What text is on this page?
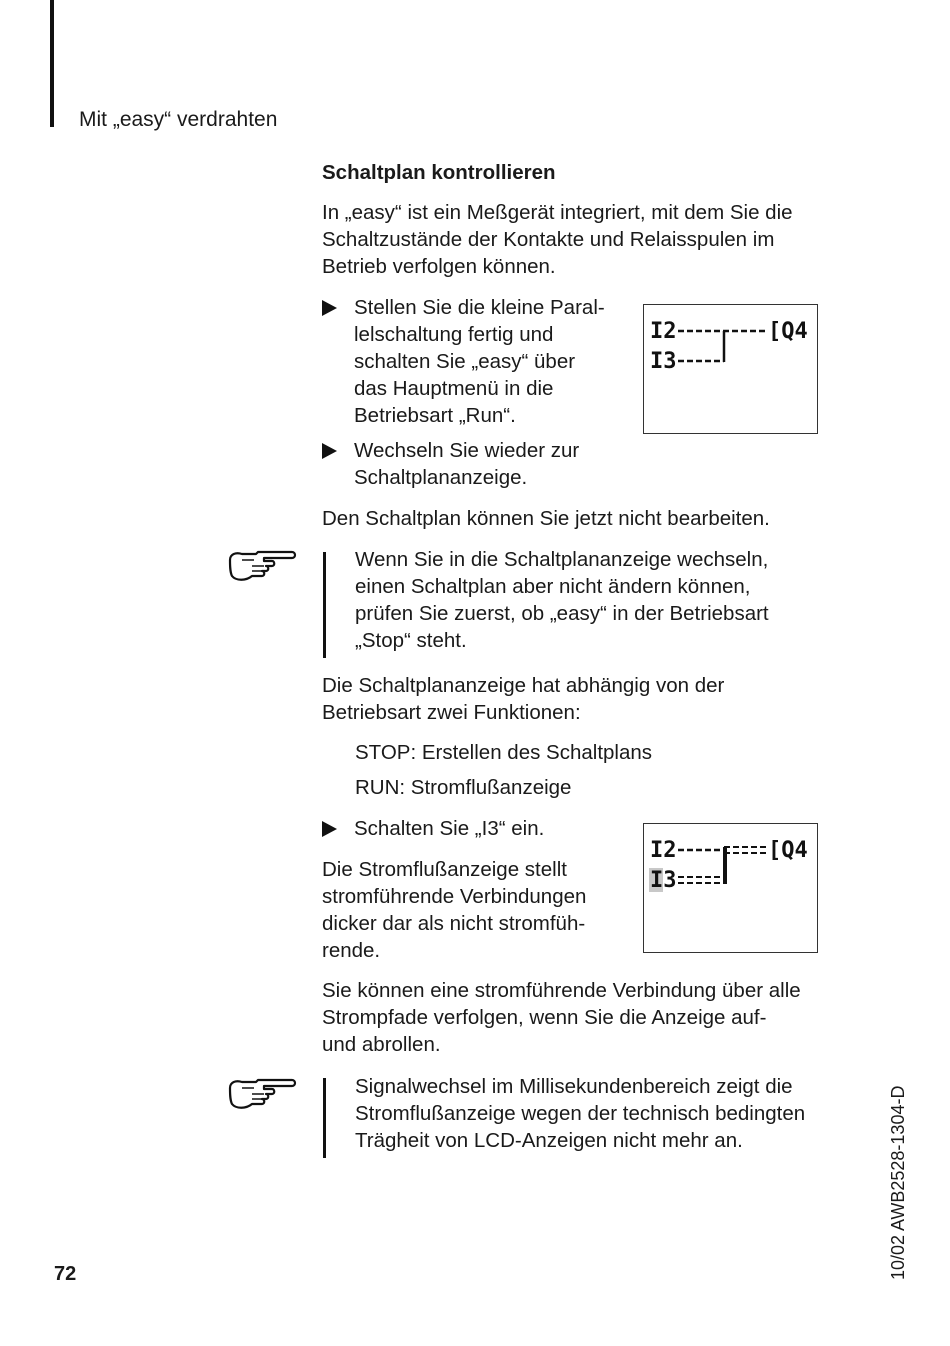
Mit „easy“ verdrahten
Schaltplan kontrollieren
In „easy“ ist ein Meßgerät integriert, mit dem Sie die
Schaltzustände der Kontakte und Relaisspulen im
Betrieb verfolgen können.
Stellen Sie die kleine Paral-
lelschaltung fertig und
schalten Sie „easy“ über
das Hauptmenü in die
Betriebsart „Run“.
Wechseln Sie wieder zur
Schaltplananzeige.
I2
I3
[Q4
Den Schaltplan können Sie jetzt nicht bearbeiten.
Wenn Sie in die Schaltplananzeige wechseln,
einen Schaltplan aber nicht ändern können,
prüfen Sie zuerst, ob „easy“ in der Betriebsart
„Stop“ steht.
Die Schaltplananzeige hat abhängig von der
Betriebsart zwei Funktionen:
STOP: Erstellen des Schaltplans
RUN: Stromflußanzeige
Schalten Sie „I3“ ein.
Die Stromflußanzeige stellt
stromführende Verbindungen
dicker dar als nicht stromfüh-
rende.
I2
I3
[Q4
Sie können eine stromführende Verbindung über alle
Strompfade verfolgen, wenn Sie die Anzeige auf-
und abrollen.
Signalwechsel im Millisekundenbereich zeigt die
Stromflußanzeige wegen der technisch bedingten
Trägheit von LCD-Anzeigen nicht mehr an.
72	10/02 AWB2528-1304-D
